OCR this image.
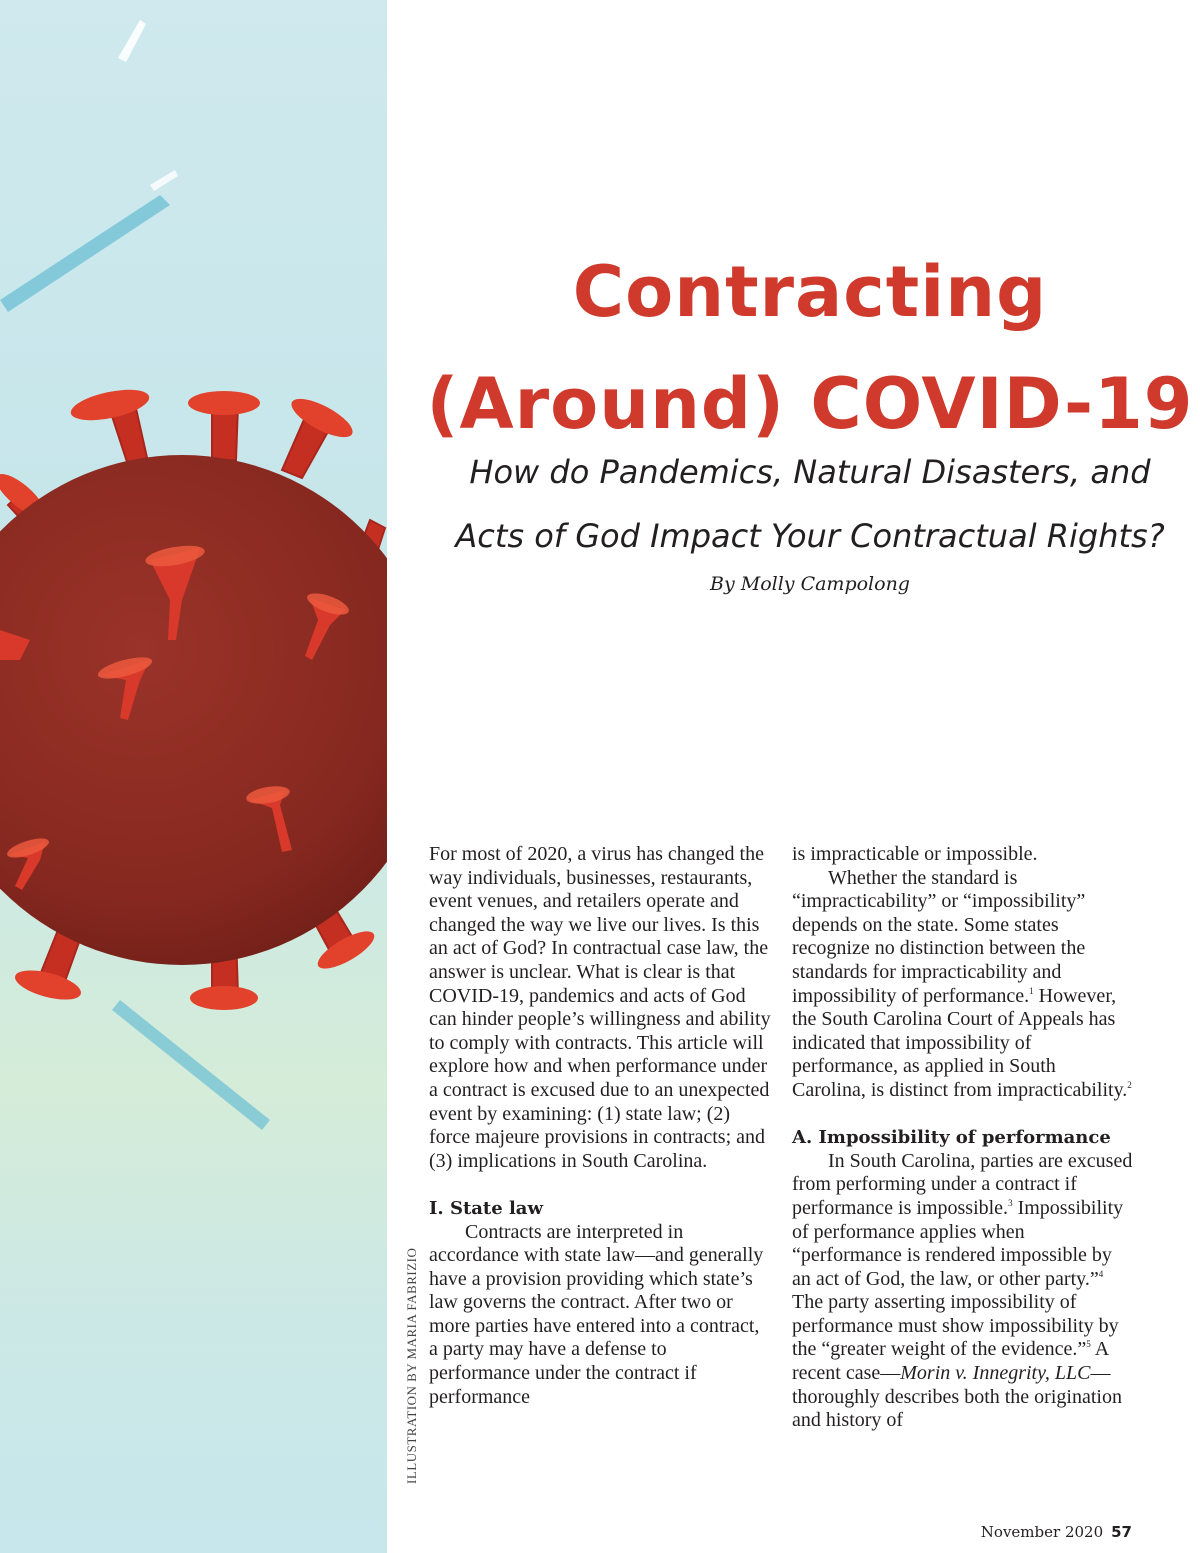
ILLUSTRATION BY MARIA FABRIZIO
Contracting
(Around) COVID-19
How do Pandemics, Natural Disasters, and
Acts of God Impact Your Contractual Rights?
By Molly Campolong

For most of 2020, a virus has changed the way individuals, businesses, restaurants, event venues, and retailers operate and changed the way we live our lives. Is this an act of God? In contractual case law, the answer is unclear. What is clear is that COVID-19, pandemics and acts of God can hinder people’s willingness and ability to comply with contracts. This article will explore how and when performance under a contract is excused due to an unexpected event by examining: (1) state law; (2) force majeure provisions in contracts; and (3) implications in South Carolina.

I. State law

Contracts are interpreted in accordance with state law—and generally have a provision providing which state’s law governs the contract. After two or more parties have entered into a contract, a party may have a defense to performance under the contract if performance

is impracticable or impossible.

Whether the standard is “impracticability” or “impossibility” depends on the state. Some states recognize no distinction between the standards for impracticability and impossibility of performance.$^1$ However, the South Carolina Court of Appeals has indicated that impossibility of performance, as applied in South Carolina, is distinct from impracticability.$^2$

A. Impossibility of performance

In South Carolina, parties are excused from performing under a contract if performance is impossible.$^3$ Impossibility of performance applies when “performance is rendered impossible by an act of God, the law, or other party.”$^4$ The party asserting impossibility of performance must show impossibility by the “greater weight of the evidence.”$^5$ A recent case—Morin v. Innegrity, LLC—thoroughly describes both the origination and history of

November 2020 57
